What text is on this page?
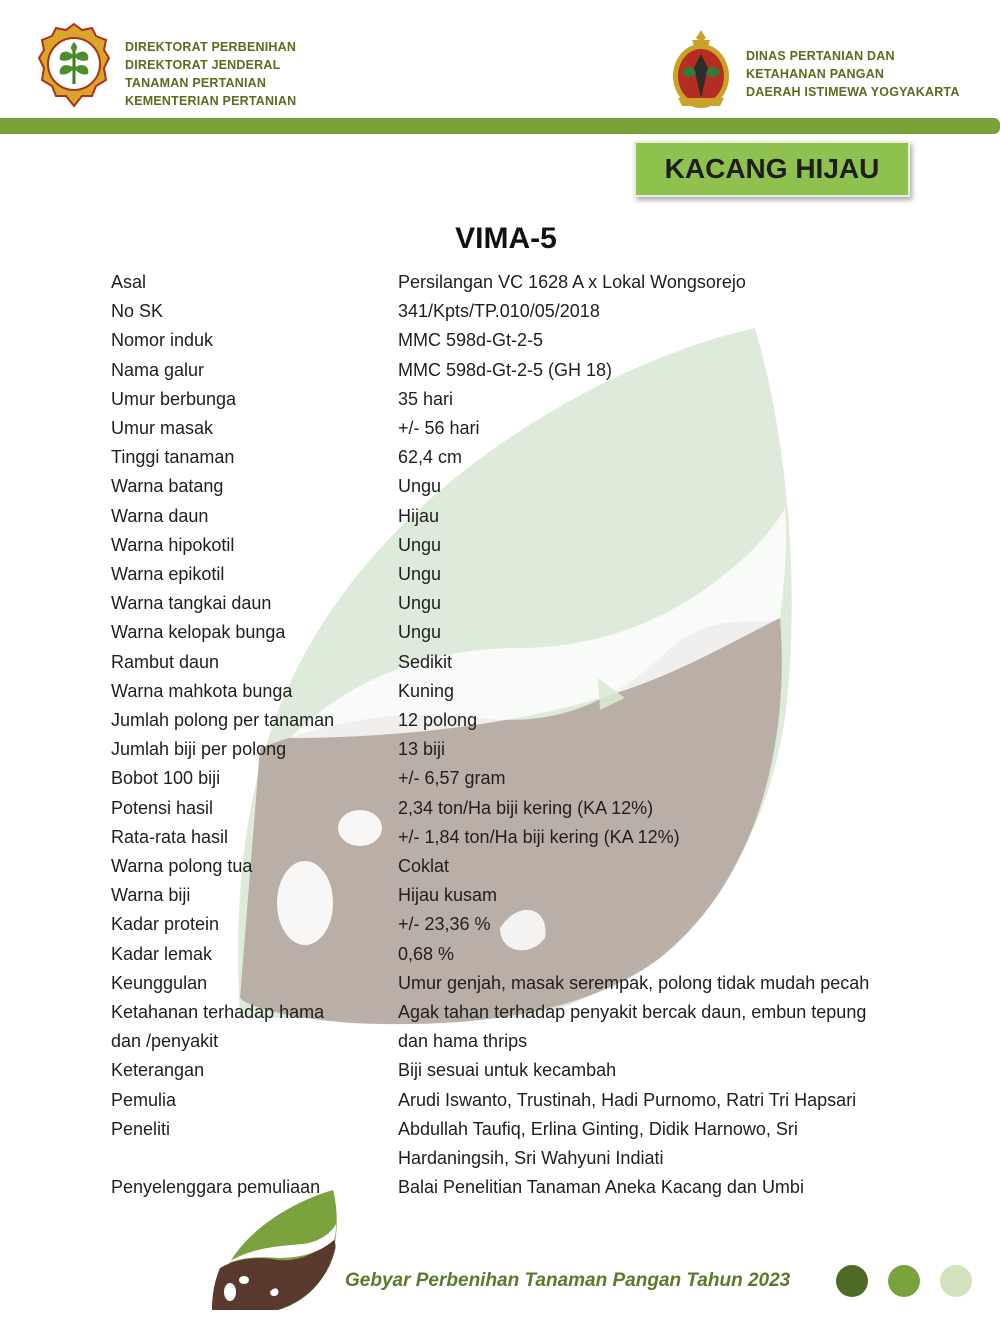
DIREKTORAT PERBENIHAN
DIREKTORAT JENDERAL
TANAMAN PERTANIAN
KEMENTERIAN PERTANIAN
DINAS PERTANIAN DAN
KETAHANAN PANGAN
DAERAH ISTIMEWA YOGYAKARTA
KACANG HIJAU
VIMA-5
Asal	Persilangan VC 1628 A x Lokal Wongsorejo
No SK	341/Kpts/TP.010/05/2018
Nomor induk	MMC 598d-Gt-2-5
Nama galur	MMC 598d-Gt-2-5 (GH 18)
Umur berbunga	35 hari
Umur masak	+/- 56 hari
Tinggi tanaman	62,4 cm
Warna batang	Ungu
Warna daun	Hijau
Warna hipokotil	Ungu
Warna epikotil	Ungu
Warna tangkai daun	Ungu
Warna kelopak bunga	Ungu
Rambut daun	Sedikit
Warna mahkota bunga	Kuning
Jumlah polong per tanaman	12 polong
Jumlah biji per polong	13 biji
Bobot 100 biji	+/- 6,57 gram
Potensi hasil	2,34 ton/Ha biji kering (KA 12%)
Rata-rata hasil	+/- 1,84 ton/Ha biji kering (KA 12%)
Warna polong tua	Coklat
Warna biji	Hijau kusam
Kadar protein	+/- 23,36 %
Kadar lemak	0,68 %
Keunggulan	Umur genjah, masak serempak, polong tidak mudah pecah
Ketahanan terhadap hama	Agak tahan terhadap penyakit bercak daun, embun tepung
dan /penyakit	dan hama thrips
Keterangan	Biji sesuai untuk kecambah
Pemulia	Arudi Iswanto, Trustinah, Hadi Purnomo, Ratri Tri Hapsari
Peneliti	Abdullah Taufiq, Erlina Ginting, Didik Harnowo, Sri
Hardaningsih, Sri Wahyuni Indiati
Penyelenggara pemuliaan	Balai Penelitian Tanaman Aneka Kacang dan Umbi
Gebyar Perbenihan Tanaman Pangan Tahun 2023
